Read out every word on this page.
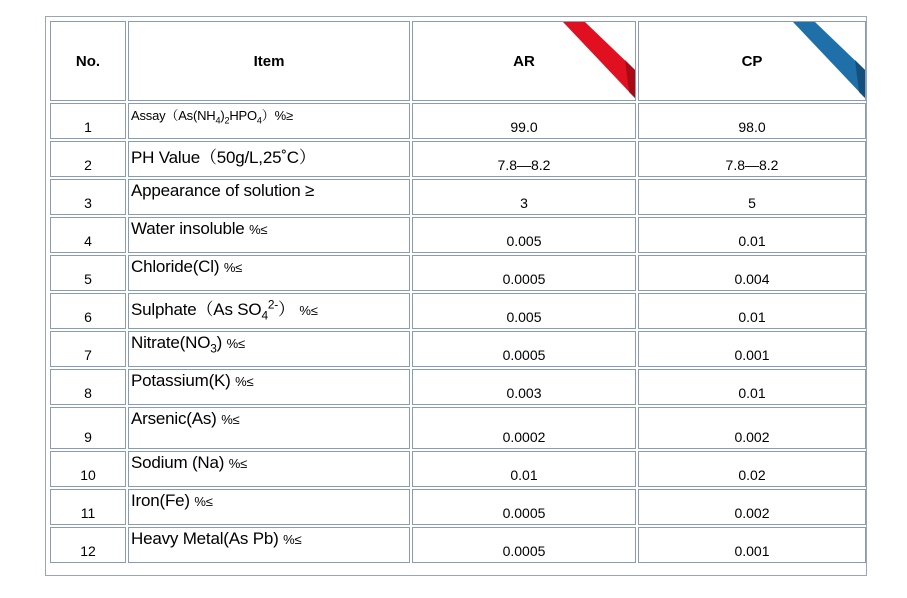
No.	Item	AR	CP

1	$Assay(As(NH_4)_2HPO_4)\%\ge$	99.0	98.0
2	PH Value（50g/L,25˚C）	7.8—8.2	7.8—8.2
3	Appearance of solution ≥	3	5
4	Water insoluble %≤	0.005	0.01
5	Chloride(Cl) %≤	0.0005	0.004
6	Sulphate（As $SO_4^{2-}$） %≤	0.005	0.01
7	$Nitrate(NO_3)$ %≤	0.0005	0.001
8	Potassium(K) %≤	0.003	0.01
9	Arsenic(As) %≤	0.0002	0.002
10	Sodium (Na) %≤	0.01	0.02
11	Iron(Fe) %≤	0.0005	0.002
12	Heavy Metal(As Pb) %≤	0.0005	0.001
